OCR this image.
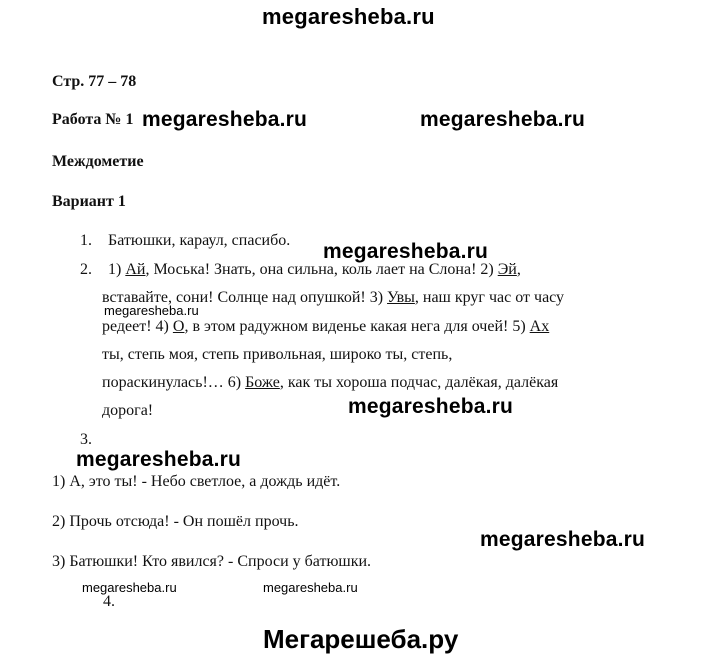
megaresheba.ru
Стр. 77 – 78
Работа № 1 megaresheba.ru	megaresheba.ru
Междометие
Вариант 1
1. Батюшки, караул, спасибо. megaresheba.ru
2. 1) Ай, Моська! Знать, она сильна, коль лает на Слона! 2) Эй,
вставайте, сони! Солнце над опушкой! 3) Увы, наш круг час от часу
megaresheba.ru
редеет! 4) О, в этом радужном виденье какая нега для очей! 5) Ах
ты, степь моя, степь привольная, широко ты, степь,
пораскинулась!… 6) Боже, как ты хороша подчас, далёкая, далёкая
дорога!	megaresheba.ru
3.
megaresheba.ru
1) А, это ты! - Небо светлое, а дождь идёт.
2) Прочь отсюда! - Он пошёл прочь.
megaresheba.ru
3) Батюшки! Кто явился? - Спроси у батюшки.
megaresheba.ru	megaresheba.ru
4.
Мегарешеба.ру
